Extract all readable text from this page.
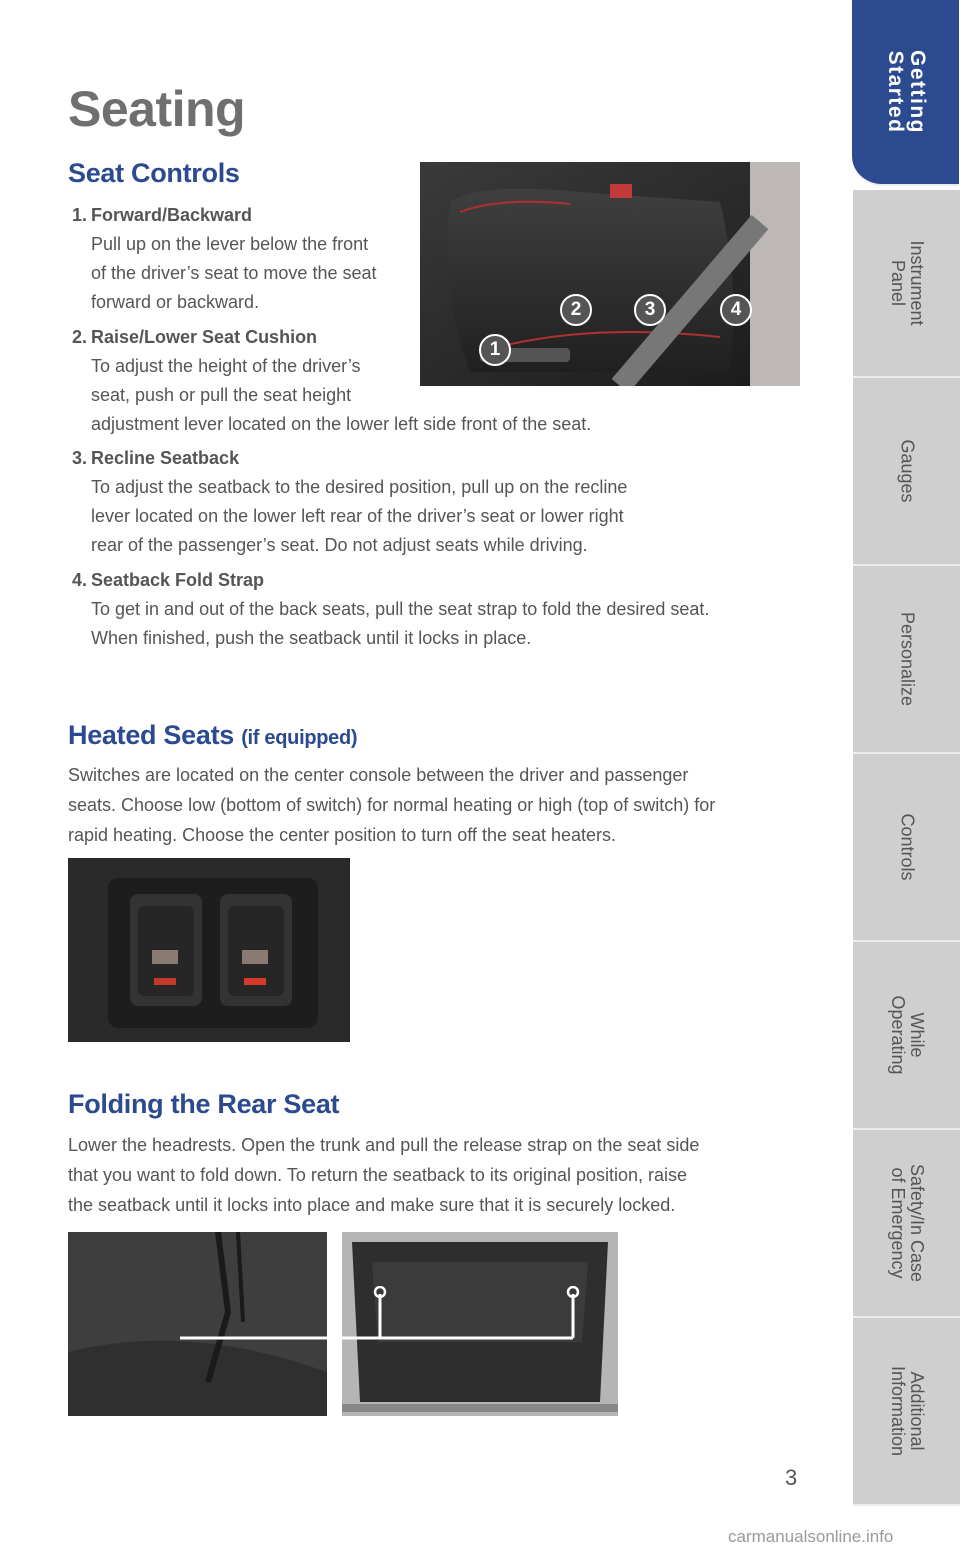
Seating
Seat Controls
1. Forward/Backward
Pull up on the lever below the front
of the driver’s seat to move the seat
forward or backward.
2. Raise/Lower Seat Cushion
To adjust the height of the driver’s
seat, push or pull the seat height
adjustment lever located on the lower left side front of the seat.
3. Recline Seatback
To adjust the seatback to the desired position, pull up on the recline
lever located on the lower left rear of the driver’s seat or lower right
rear of the passenger’s seat. Do not adjust seats while driving.
4. Seatback Fold Strap
To get in and out of the back seats, pull the seat strap to fold the desired seat.
When finished, push the seatback until it locks in place.
1
2	3	4
Heated Seats (if equipped)
Switches are located on the center console between the driver and passenger
seats. Choose low (bottom of switch) for normal heating or high (top of switch) for
rapid heating. Choose the center position to turn off the seat heaters.
Folding the Rear Seat
Lower the headrests. Open the trunk and pull the release strap on the seat side
that you want to fold down. To return the seatback to its original position, raise
the seatback until it locks into place and make sure that it is securely locked.
Getting
Started
Instrument
Panel
Gauges
Personalize
Controls
While
Operating
Safety/In Case
of Emergency
Additional
Information
3
carmanualsonline.info
